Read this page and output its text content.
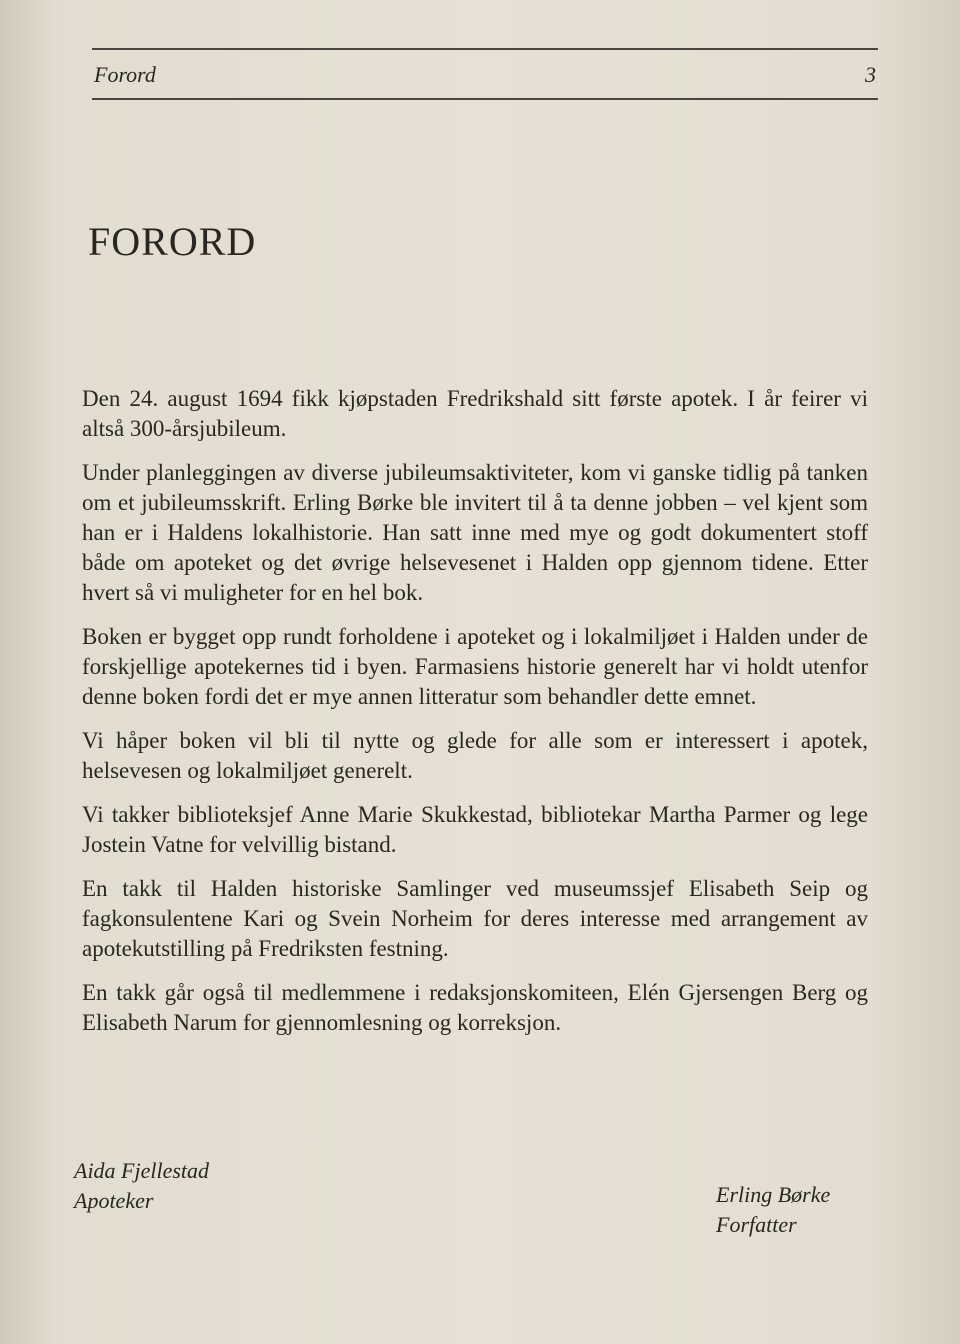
Forord	3
FORORD

Den 24. august 1694 fikk kjøpstaden Fredrikshald sitt første apotek. I år feirer vi altså 300-årsjubileum.

Under planleggingen av diverse jubileumsaktiviteter, kom vi ganske tidlig på tanken om et jubileumsskrift. Erling Børke ble invitert til å ta denne jobben – vel kjent som han er i Haldens lokalhistorie. Han satt inne med mye og godt dokumentert stoff både om apoteket og det øvrige helsevesenet i Halden opp gjennom tidene. Etter hvert så vi muligheter for en hel bok.

Boken er bygget opp rundt forholdene i apoteket og i lokalmiljøet i Halden under de forskjellige apotekernes tid i byen. Farmasiens historie generelt har vi holdt utenfor denne boken fordi det er mye annen litteratur som behandler dette emnet.

Vi håper boken vil bli til nytte og glede for alle som er interessert i apotek, helsevesen og lokalmiljøet generelt.

Vi takker biblioteksjef Anne Marie Skukkestad, bibliotekar Martha Parmer og lege Jostein Vatne for velvillig bistand.

En takk til Halden historiske Samlinger ved museumssjef Elisabeth Seip og fagkonsulentene Kari og Svein Norheim for deres interesse med arrangement av apotekutstilling på Fredriksten festning.

En takk går også til medlemmene i redaksjonskomiteen, Elén Gjersengen Berg og Elisabeth Narum for gjennomlesning og korreksjon.

Aida Fjellestad
Apoteker	Erling Børke
Forfatter
